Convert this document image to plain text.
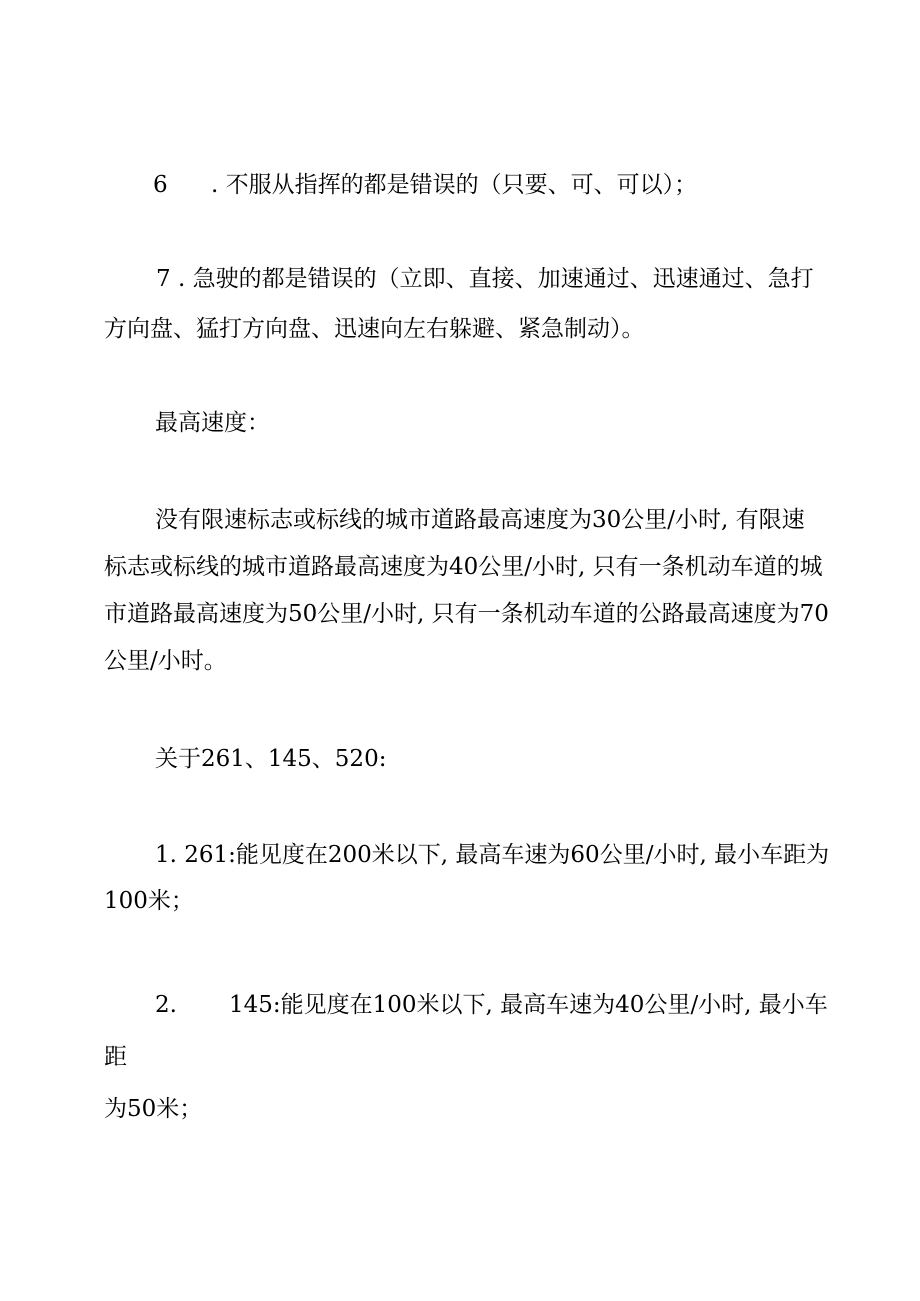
6 . 不服从指挥的都是错误的（只要、可、可以）；
7 . 急驶的都是错误的（立即、直接、加速通过、迅速通过、急打
方向盘、猛打方向盘、迅速向左右躲避、紧急制动）。
最高速度：
没有限速标志或标线的城市道路最高速度为30公里/小时, 有限速
标志或标线的城市道路最高速度为40公里/小时, 只有一条机动车道的城
市道路最高速度为50公里/小时, 只有一条机动车道的公路最高速度为70
公里/小时。
关于261、145、520:
1. 261:能见度在200米以下, 最高车速为60公里/小时, 最小车距为
100米；
2. 145:能见度在100米以下, 最高车速为40公里/小时, 最小车
距
为50米；
